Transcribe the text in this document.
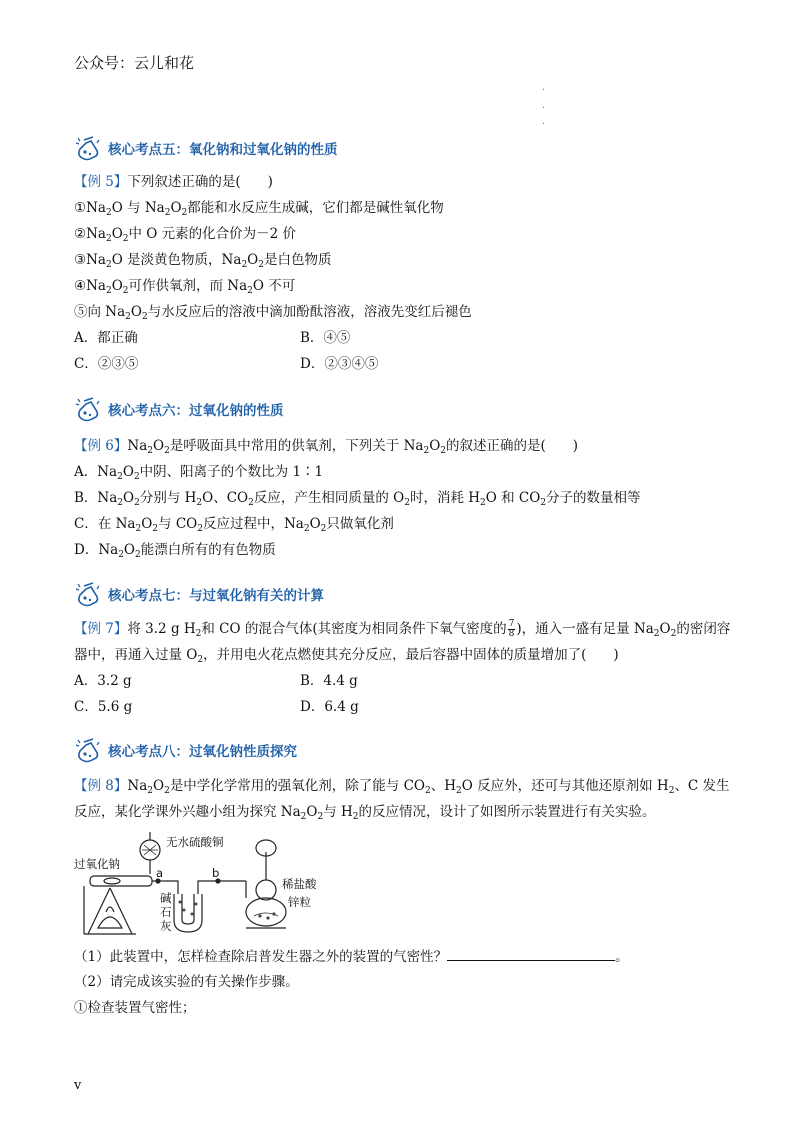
公众号：云儿和花
.
.
.
核心考点五：氧化钠和过氧化钠的性质
【例 5】下列叙述正确的是(　　)
$①Na_2O$ 与 $Na_2O_2$都能和水反应生成碱，它们都是碱性氧化物
$②Na_2O_2$中 O 元素的化合价为－2 价
$③Na_2O$ 是淡黄色物质，$Na_2O_2$是白色物质
$④Na_2O_2$可作供氧剂，而 $Na_2O$ 不可
⑤向 $Na_2O_2$与水反应后的溶液中滴加酚酞溶液，溶液先变红后褪色
A．都正确	B．④⑤
C．②③⑤	D．②③④⑤
核心考点六：过氧化钠的性质
【例 6】$Na_2O_2$是呼吸面具中常用的供氧剂，下列关于 $Na_2O_2$的叙述正确的是(　　)
A．$Na_2O_2$中阴、阳离子的个数比为 1∶1
B．$Na_2O_2$分别与 $H_2O$、$CO_2$反应，产生相同质量的 $O_2$时，消耗 $H_2O$ 和 $CO_2$分子的数量相等
C．在 $Na_2O_2$与 $CO_2$反应过程中，$Na_2O_2$只做氧化剂
D．$Na_2O_2$能漂白所有的有色物质
核心考点七：与过氧化钠有关的计算
【例 7】将 3.2 g $H_2$和 CO 的混合气体(其密度为相同条件下氧气密度的 $\frac{7}{8}$ )，通入一盛有足量 $Na_2O_2$的密闭容
器中，再通入过量 $O_2$，并用电火花点燃使其充分反应，最后容器中固体的质量增加了(　　)
A．3.2 g	B．4.4 g
C．5.6 g	D．6.4 g
核心考点八：过氧化钠性质探究
【例 8】$Na_2O_2$是中学化学常用的强氧化剂，除了能与 $CO_2$、$H_2O$ 反应外，还可与其他还原剂如 $H_2$、C 发生
反应，某化学课外兴趣小组为探究 $Na_2O_2$与 $H_2$的反应情况，设计了如图所示装置进行有关实验。
无水硫酸铜
过氧化钠
a	b
碱
石
灰
稀盐酸
锌粒
（1）此装置中，怎样检查除启普发生器之外的装置的气密性？	。
（2）请完成该实验的有关操作步骤。
①检查装置气密性；
v
